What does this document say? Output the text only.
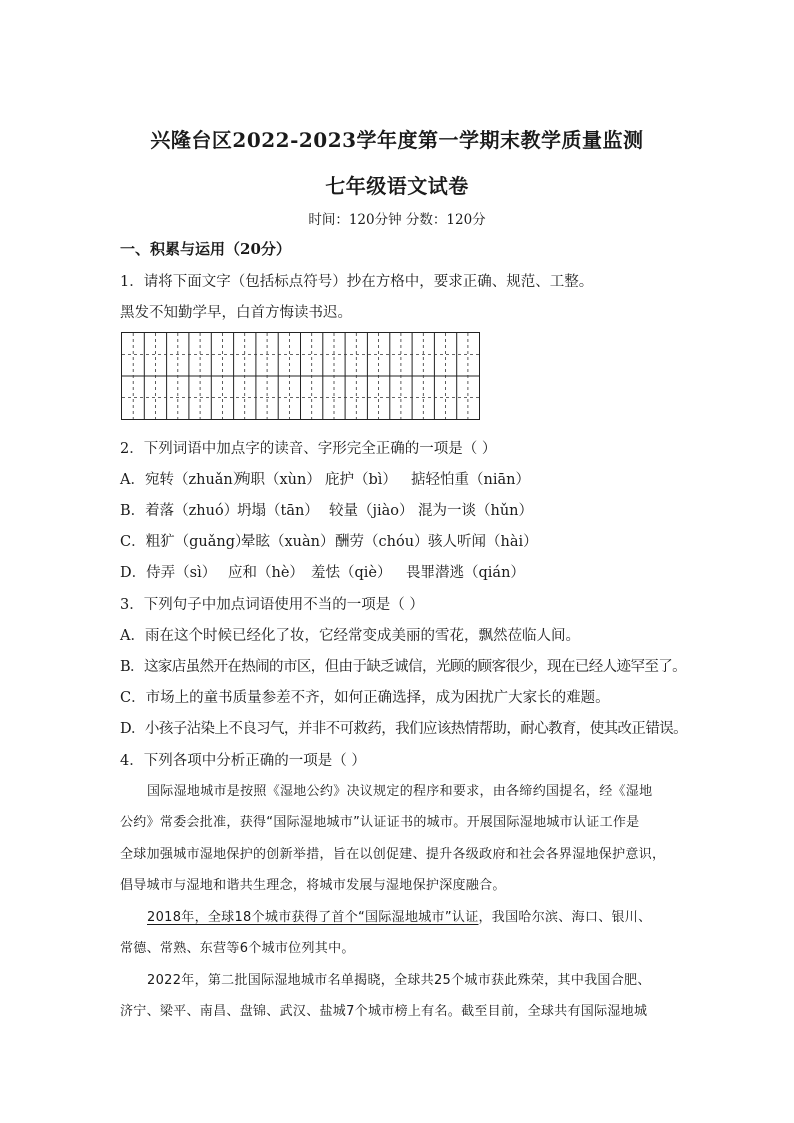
兴隆台区2022-2023学年度第一学期末教学质量监测
七年级语文试卷
时间：120分钟 分数：120分
一、积累与运用（20分）
1．请将下面文字（包括标点符号）抄在方格中，要求正确、规范、工整。
黑发不知勤学早，白首方悔读书迟。
2．下列词语中加点字的读音、字形完全正确的一项是（ ）
A．宛转（zhuǎn）殉职（xùn） 庇护（bì） 掂轻怕重（niān）
B．着落（zhuó）坍塌（tān） 较量（jiào） 混为一谈（hǔn）
C．粗犷（guǎng）晕眩（xuàn）酬劳（chóu）骇人听闻（hài）
D．侍弄（sì） 应和（hè） 羞怯（qiè） 畏罪潜逃（qián）
3．下列句子中加点词语使用不当的一项是（ ）
A．雨在这个时候已经化了妆，它经常变成美丽的雪花，飘然莅临人间。
B．这家店虽然开在热闹的市区，但由于缺乏诚信，光顾的顾客很少，现在已经人迹罕至了。
C．市场上的童书质量参差不齐，如何正确选择，成为困扰广大家长的难题。
D．小孩子沾染上不良习气，并非不可救药，我们应该热情帮助，耐心教育，使其改正错误。
4．下列各项中分析正确的一项是（ ）
国际湿地城市是按照《湿地公约》决议规定的程序和要求，由各缔约国提名，经《湿地
公约》常委会批准，获得“国际湿地城市”认证证书的城市。开展国际湿地城市认证工作是
全球加强城市湿地保护的创新举措，旨在以创促建、提升各级政府和社会各界湿地保护意识，
倡导城市与湿地和谐共生理念，将城市发展与湿地保护深度融合。
2018年，全球18个城市获得了首个“国际湿地城市”认证，我国哈尔滨、海口、银川、
常德、常熟、东营等6个城市位列其中。
2022年，第二批国际湿地城市名单揭晓，全球共25个城市获此殊荣，其中我国合肥、
济宁、梁平、南昌、盘锦、武汉、盐城7个城市榜上有名。截至目前，全球共有国际湿地城
